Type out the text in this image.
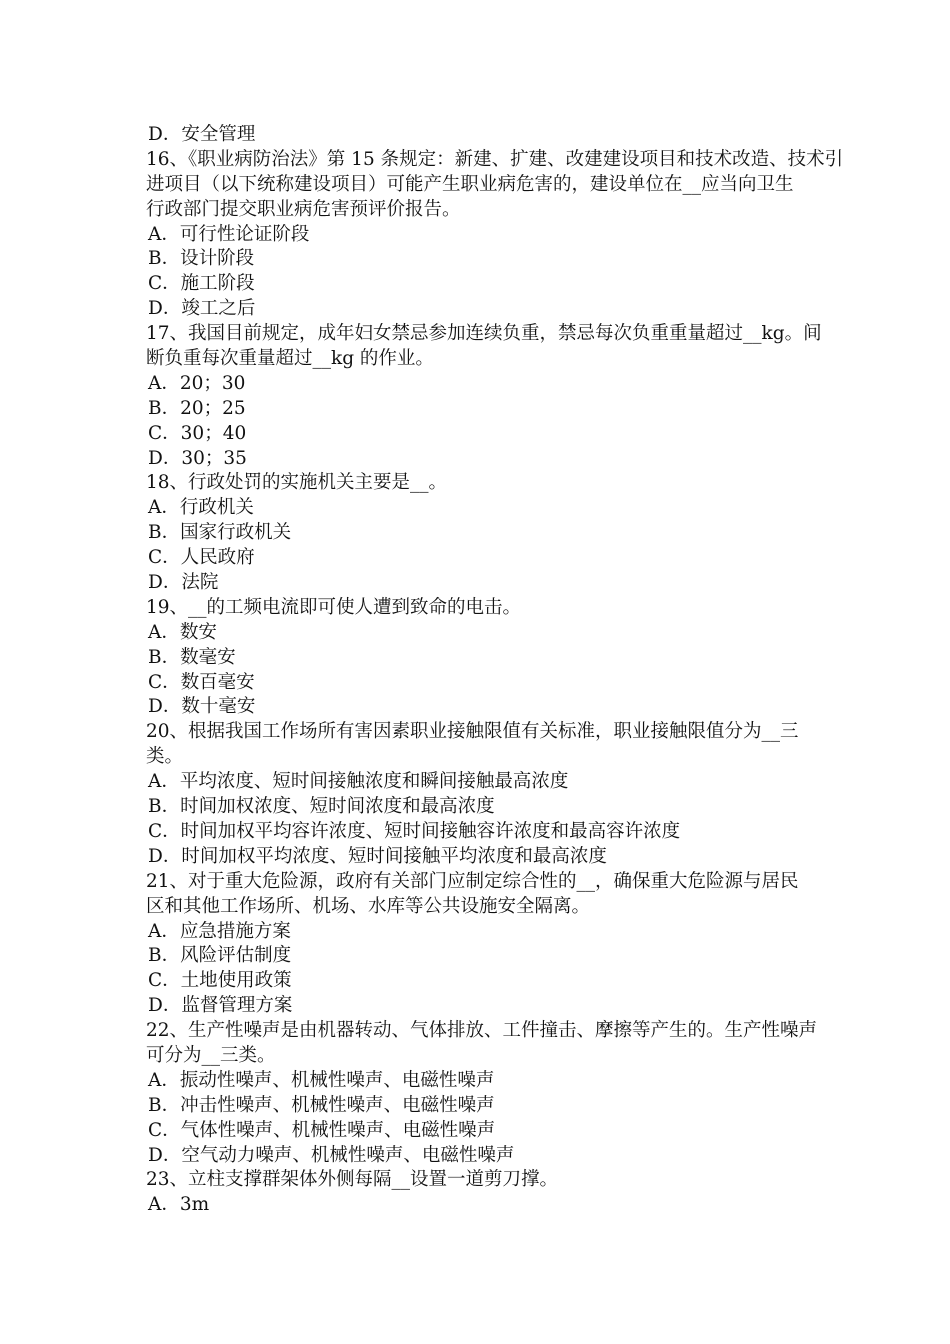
D．安全管理
16、《职业病防治法》第 15 条规定：新建、扩建、改建建设项目和技术改造、技术引
进项目（以下统称建设项目）可能产生职业病危害的，建设单位在__应当向卫生
行政部门提交职业病危害预评价报告。
A．可行性论证阶段
B．设计阶段
C．施工阶段
D．竣工之后
17、我国目前规定，成年妇女禁忌参加连续负重，禁忌每次负重重量超过__kg。间
断负重每次重量超过__kg 的作业。
A．20；30
B．20；25
C．30；40
D．30；35
18、行政处罚的实施机关主要是__。
A．行政机关
B．国家行政机关
C．人民政府
D．法院
19、__的工频电流即可使人遭到致命的电击。
A．数安
B．数毫安
C．数百毫安
D．数十毫安
20、根据我国工作场所有害因素职业接触限值有关标准，职业接触限值分为__三
类。
A．平均浓度、短时间接触浓度和瞬间接触最高浓度
B．时间加权浓度、短时间浓度和最高浓度
C．时间加权平均容许浓度、短时间接触容许浓度和最高容许浓度
D．时间加权平均浓度、短时间接触平均浓度和最高浓度
21、对于重大危险源，政府有关部门应制定综合性的__，确保重大危险源与居民
区和其他工作场所、机场、水库等公共设施安全隔离。
A．应急措施方案
B．风险评估制度
C．土地使用政策
D．监督管理方案
22、生产性噪声是由机器转动、气体排放、工件撞击、摩擦等产生的。生产性噪声
可分为__三类。
A．振动性噪声、机械性噪声、电磁性噪声
B．冲击性噪声、机械性噪声、电磁性噪声
C．气体性噪声、机械性噪声、电磁性噪声
D．空气动力噪声、机械性噪声、电磁性噪声
23、立柱支撑群架体外侧每隔__设置一道剪刀撑。
A．3m
